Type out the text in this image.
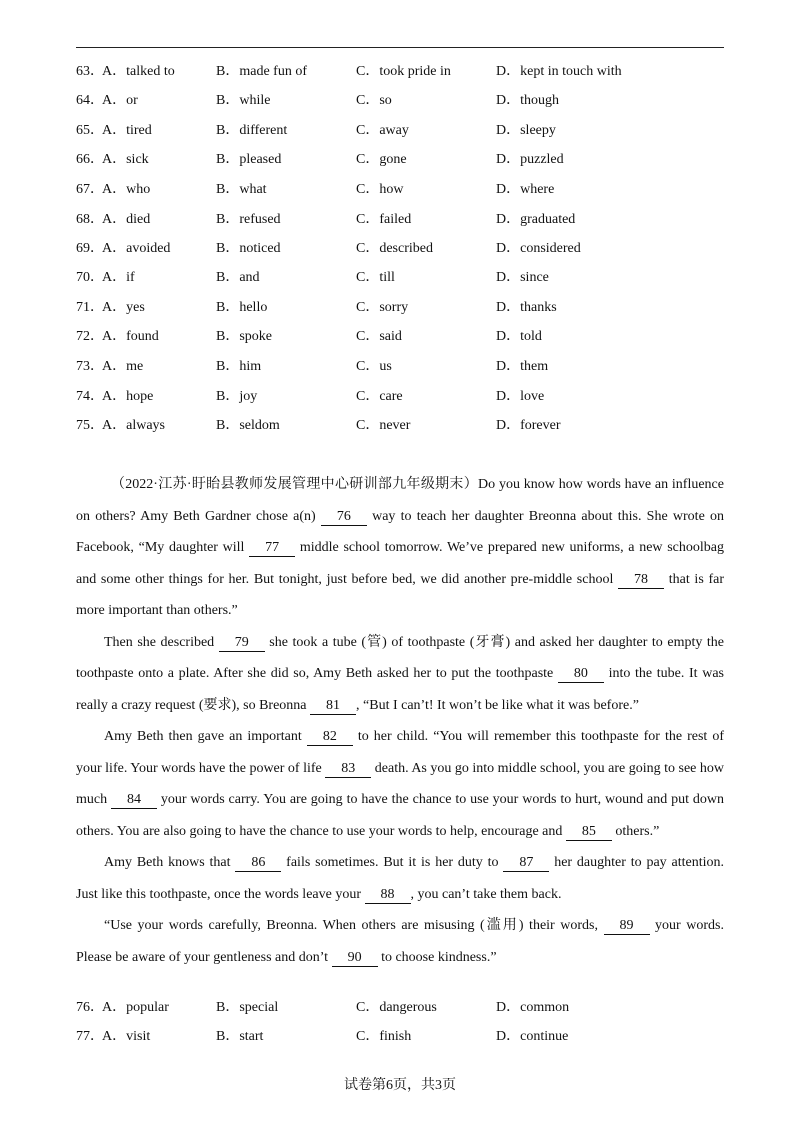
63．
A．talked to	B．made fun of	C．took pride in	D．kept in touch with
64．
A．or	B．while	C．so	D．though
65．
A．tired	B．different	C．away	D．sleepy
66．
A．sick	B．pleased	C．gone	D．puzzled
67．
A．who	B．what	C．how	D．where
68．
A．died	B．refused	C．failed	D．graduated
69．
A．avoided	B．noticed	C．described	D．considered
70．
A．if	B．and	C．till	D．since
71．
A．yes	B．hello	C．sorry	D．thanks
72．
A．found	B．spoke	C．said	D．told
73．
A．me	B．him	C．us	D．them
74．
A．hope	B．joy	C．care	D．love
75．
A．always	B．seldom	C．never	D．forever

（2022·江苏·盱眙县教师发展管理中心研训部九年级期末）Do you know how words have an influence on others? Amy Beth Gardner chose a(n) 76 way to teach her daughter Breonna about this. She wrote on Facebook, “My daughter will 77 middle school tomorrow. We’ve prepared new uniforms, a new schoolbag and some other things for her. But tonight, just before bed, we did another pre-middle school 78 that is far more important than others.”

Then she described 79 she took a tube (管) of toothpaste (牙膏) and asked her daughter to empty the toothpaste onto a plate. After she did so, Amy Beth asked her to put the toothpaste 80 into the tube. It was really a crazy request (要求), so Breonna 81 , “But I can’t! It won’t be like what it was before.”

Amy Beth then gave an important 82 to her child. “You will remember this toothpaste for the rest of your life. Your words have the power of life 83 death. As you go into middle school, you are going to see how much 84 your words carry. You are going to have the chance to use your words to hurt, wound and put down others. You are also going to have the chance to use your words to help, encourage and 85 others.”

Amy Beth knows that 86 fails sometimes. But it is her duty to 87 her daughter to pay attention. Just like this toothpaste, once the words leave your 88 , you can’t take them back.

“Use your words carefully, Breonna. When others are misusing (滥用) their words, 89 your words. Please be aware of your gentleness and don’t 90 to choose kindness.”

76．
A．popular	B．special	C．dangerous	D．common
77．
A．visit	B．start	C．finish	D．continue
试卷第6页，共3页
